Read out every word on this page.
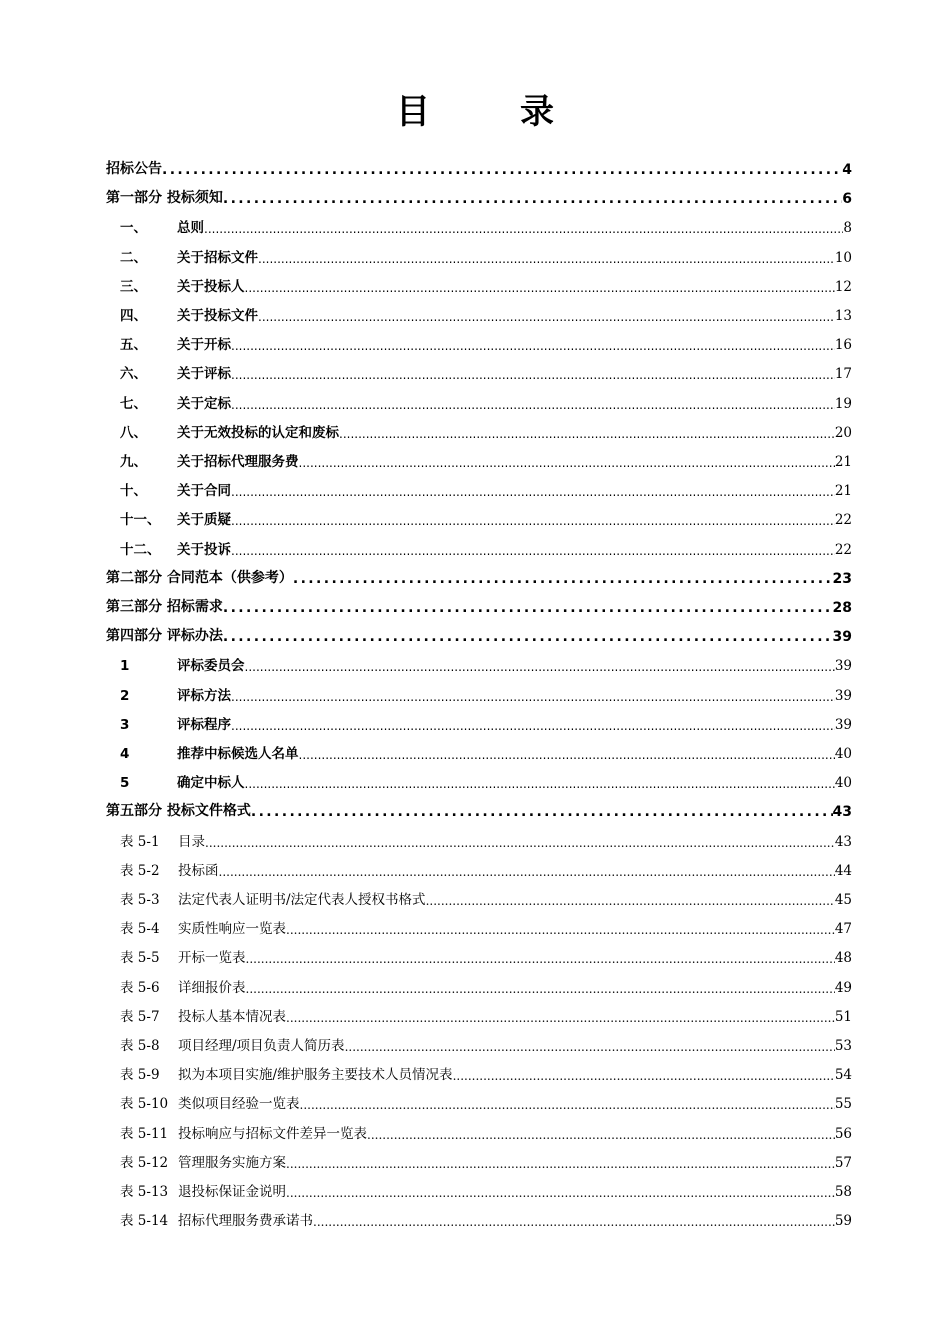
目　录
招标公告 .....	4
第一部分 投标须知 .....	6
一、	总则 .....	8
二、	关于招标文件 .....	10
三、	关于投标人 .....	12
四、	关于投标文件 .....	13
五、	关于开标 .....	16
六、	关于评标 .....	17
七、	关于定标 .....	19
八、	关于无效投标的认定和废标 .....	20
九、	关于招标代理服务费 .....	21
十、	关于合同 .....	21
十一、	关于质疑 .....	22
十二、	关于投诉 .....	22
第二部分 合同范本（供参考） .....	23
第三部分 招标需求 .....	28
第四部分 评标办法 .....	39
1	评标委员会 .....	39
2	评标方法 .....	39
3	评标程序 .....	39
4	推荐中标候选人名单 .....	40
5	确定中标人 .....	40
第五部分 投标文件格式 .....	43
表 5-1	目录 .....	43
表 5-2	投标函 .....	44
表 5-3	法定代表人证明书/法定代表人授权书格式 .....	45
表 5-4	实质性响应一览表 .....	47
表 5-5	开标一览表 .....	48
表 5-6	详细报价表 .....	49
表 5-7	投标人基本情况表 .....	51
表 5-8	项目经理/项目负责人简历表 .....	53
表 5-9	拟为本项目实施/维护服务主要技术人员情况表 .....	54
表 5-10 类似项目经验一览表 .....	55
表 5-11 投标响应与招标文件差异一览表 .....	56
表 5-12 管理服务实施方案 .....	57
表 5-13 退投标保证金说明 .....	58
表 5-14 招标代理服务费承诺书 .....	59
